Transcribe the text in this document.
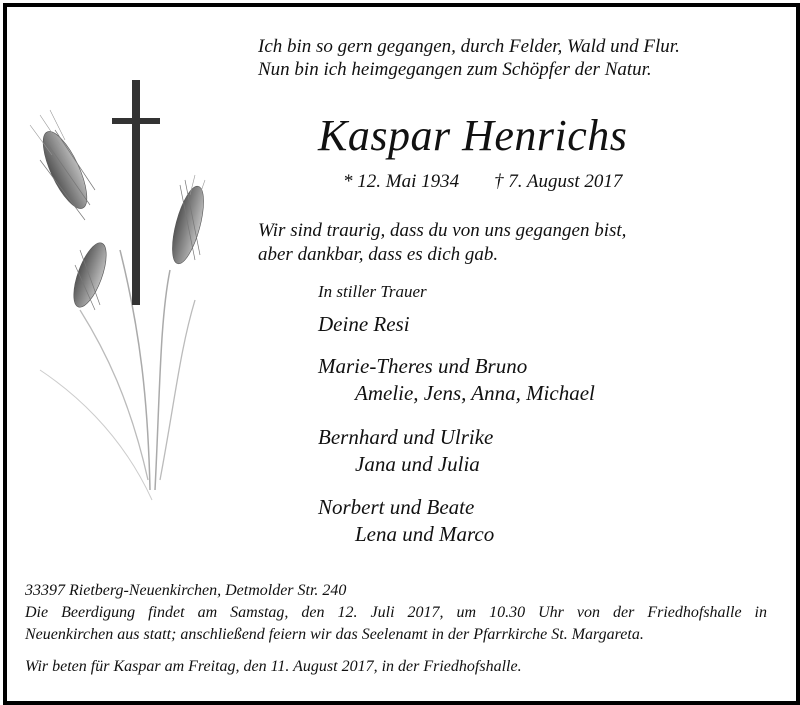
Ich bin so gern gegangen, durch Felder, Wald und Flur.
Nun bin ich heimgegangen zum Schöpfer der Natur.
Kaspar Henrichs
* 12. Mai 1934 † 7. August 2017
Wir sind traurig, dass du von uns gegangen bist,
aber dankbar, dass es dich gab.
In stiller Trauer
Deine Resi
Marie-Theres und Bruno
Amelie, Jens, Anna, Michael
Bernhard und Ulrike
Jana und Julia
Norbert und Beate
Lena und Marco
33397 Rietberg-Neuenkirchen, Detmolder Str. 240
Die Beerdigung findet am Samstag, den 12. Juli 2017, um 10.30 Uhr von der Friedhofshalle in
Neuenkirchen aus statt; anschließend feiern wir das Seelenamt in der Pfarrkirche St. Margareta.
Wir beten für Kaspar am Freitag, den 11. August 2017, in der Friedhofshalle.
